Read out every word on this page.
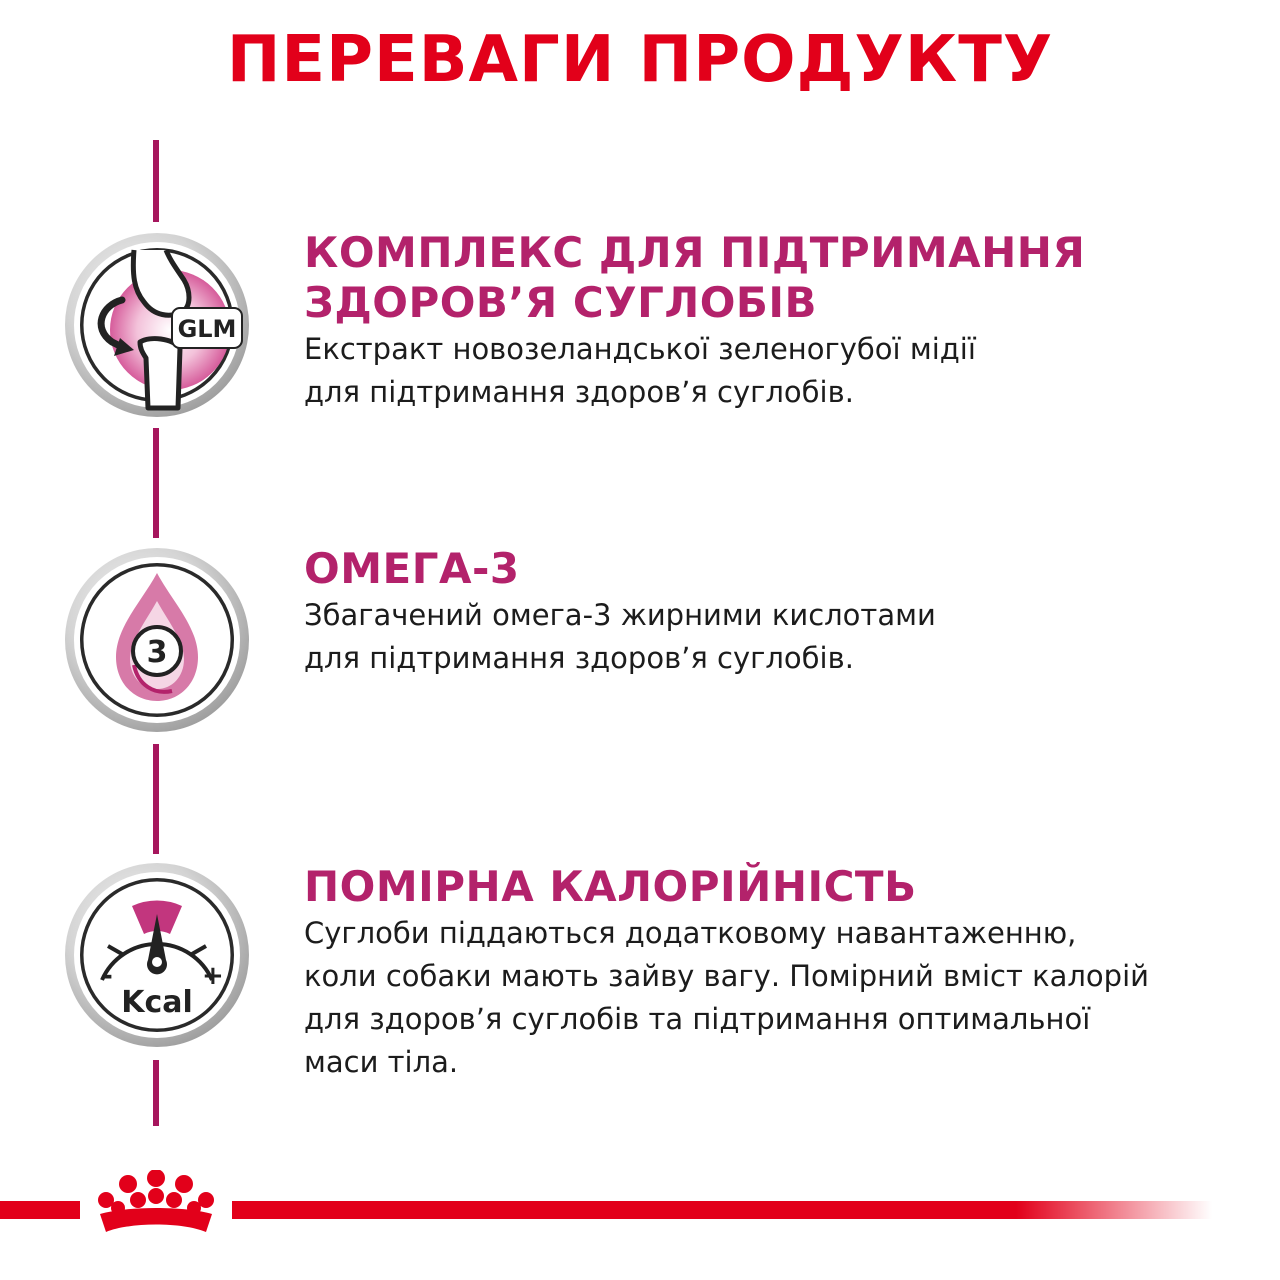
ПЕРЕВАГИ ПРОДУКТУ
GLM

КОМПЛЕКС ДЛЯ ПІДТРИМАННЯ
ЗДОРОВ’Я СУГЛОБІВ

Екстракт новозеландської зеленогубої мідії
для підтримання здоров’я суглобів.

3

ОМЕГА-3

Збагачений омега-3 жирними кислотами
для підтримання здоров’я суглобів.

-	+
Kcal

ПОМІРНА КАЛОРІЙНІСТЬ

Суглоби піддаються додатковому навантаженню,
коли собаки мають зайву вагу. Помірний вміст калорій
для здоров’я суглобів та підтримання оптимальної
маси тіла.
